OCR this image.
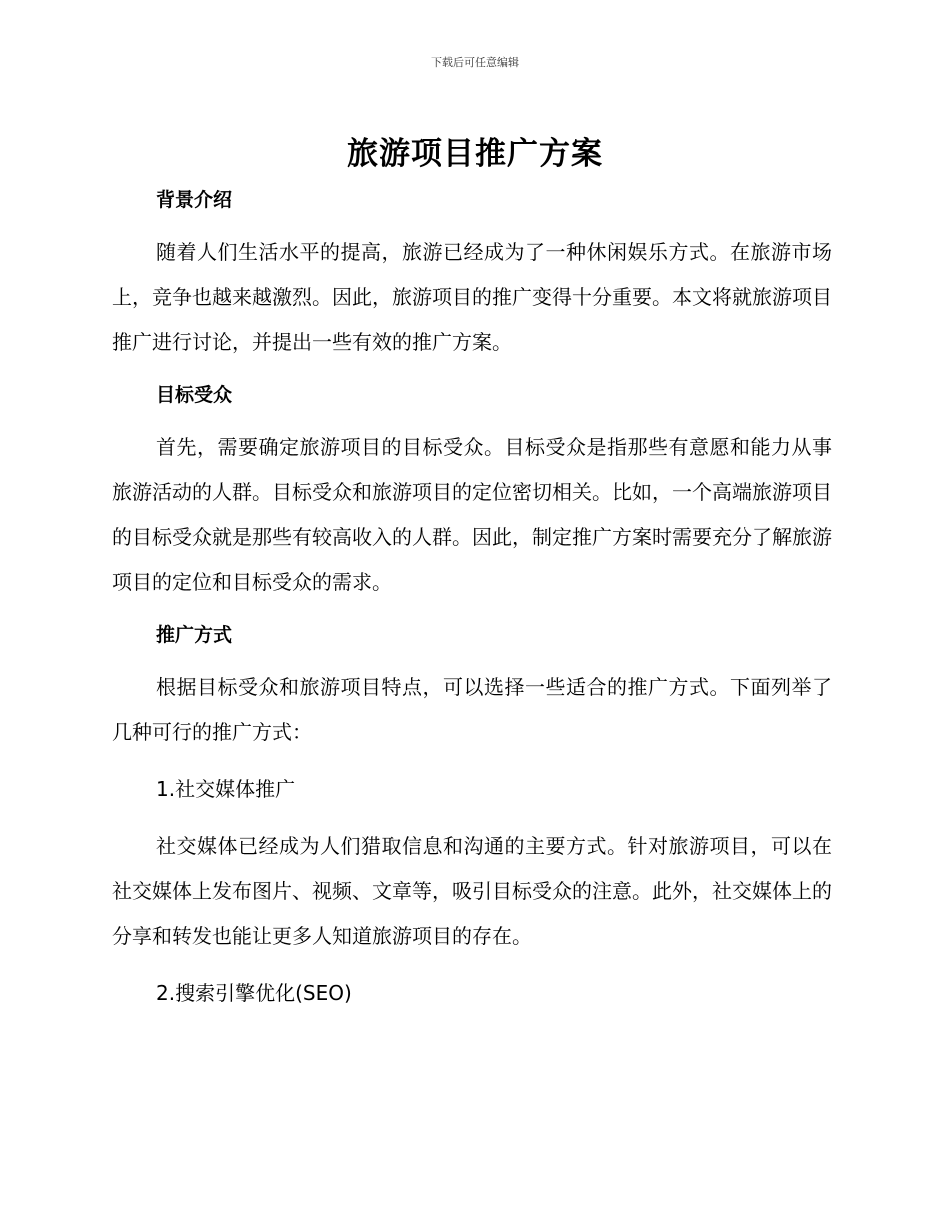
下载后可任意编辑
旅游项目推广方案
背景介绍

随着人们生活水平的提高，旅游已经成为了一种休闲娱乐方式。在旅游市场上，竞争也越来越激烈。因此，旅游项目的推广变得十分重要。本文将就旅游项目推广进行讨论，并提出一些有效的推广方案。

目标受众

首先，需要确定旅游项目的目标受众。目标受众是指那些有意愿和能力从事旅游活动的人群。目标受众和旅游项目的定位密切相关。比如，一个高端旅游项目的目标受众就是那些有较高收入的人群。因此，制定推广方案时需要充分了解旅游项目的定位和目标受众的需求。

推广方式

根据目标受众和旅游项目特点，可以选择一些适合的推广方式。下面列举了几种可行的推广方式：

1.社交媒体推广

社交媒体已经成为人们猎取信息和沟通的主要方式。针对旅游项目，可以在社交媒体上发布图片、视频、文章等，吸引目标受众的注意。此外，社交媒体上的分享和转发也能让更多人知道旅游项目的存在。

2.搜索引擎优化(SEO)
